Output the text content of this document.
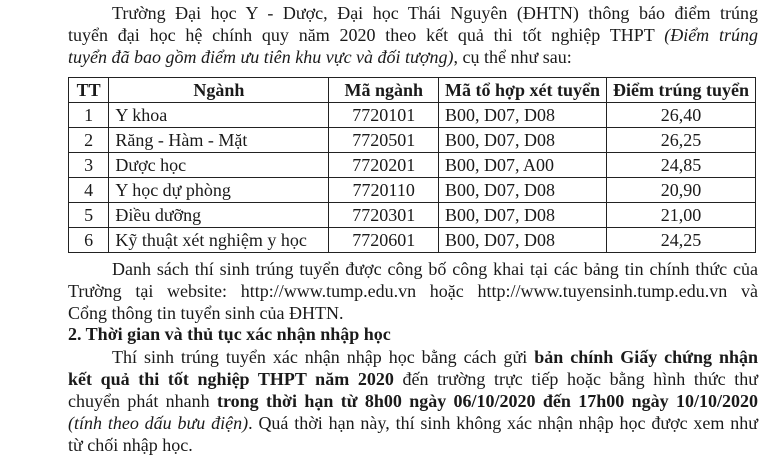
Trường Đại học Y - Dược, Đại học Thái Nguyên (ĐHTN) thông báo điểm trúng
tuyển đại học hệ chính quy năm 2020 theo kết quả thi tốt nghiệp THPT (Điểm trúng
tuyển đã bao gồm điểm ưu tiên khu vực và đối tượng), cụ thể như sau:
TT	Ngành	Mã ngành	Mã tổ hợp xét tuyển	Điểm trúng tuyển
1	Y khoa	7720101	B00, D07, D08	26,40
2	Răng - Hàm - Mặt	7720501	B00, D07, D08	26,25
3	Dược học	7720201	B00, D07, A00	24,85
4	Y học dự phòng	7720110	B00, D07, D08	20,90
5	Điều dưỡng	7720301	B00, D07, D08	21,00
6	Kỹ thuật xét nghiệm y học	7720601	B00, D07, D08	24,25
Danh sách thí sinh trúng tuyển được công bố công khai tại các bảng tin chính thức của
Trường tại website: http://www.tump.edu.vn hoặc http://www.tuyensinh.tump.edu.vn và
Cổng thông tin tuyển sinh của ĐHTN.
2. Thời gian và thủ tục xác nhận nhập học
Thí sinh trúng tuyển xác nhận nhập học bằng cách gửi bản chính Giấy chứng nhận
kết quả thi tốt nghiệp THPT năm 2020 đến trường trực tiếp hoặc bằng hình thức thư
chuyển phát nhanh trong thời hạn từ 8h00 ngày 06/10/2020 đến 17h00 ngày 10/10/2020
(tính theo dấu bưu điện). Quá thời hạn này, thí sinh không xác nhận nhập học được xem như
từ chối nhập học.
